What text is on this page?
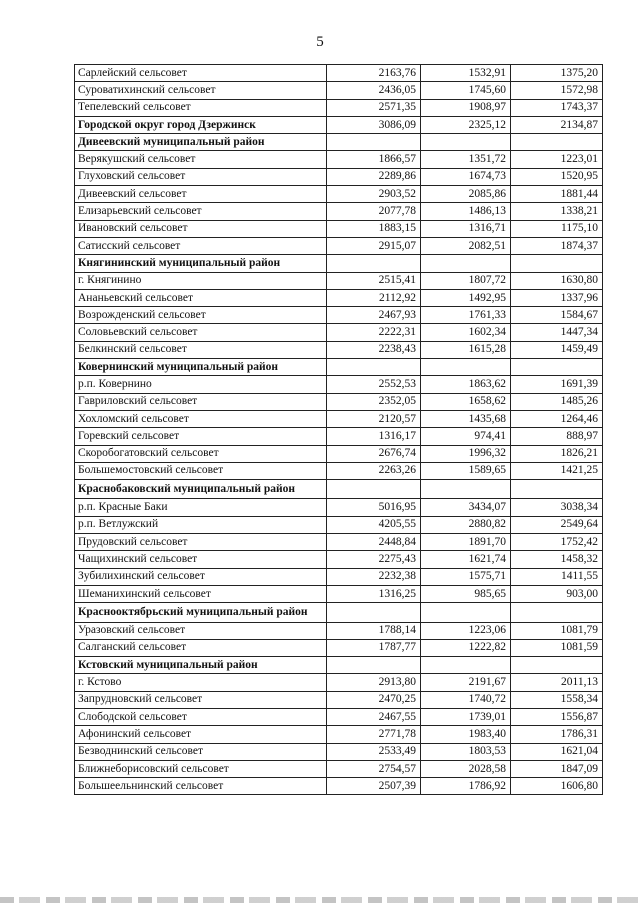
5
Сарлейский сельсовет	2163,76	1532,91	1375,20
Суроватихинский сельсовет	2436,05	1745,60	1572,98
Тепелевский сельсовет	2571,35	1908,97	1743,37
Городской округ город Дзержинск	3086,09	2325,12	2134,87
Дивеевский муниципальный район			
Верякушский сельсовет	1866,57	1351,72	1223,01
Глуховский сельсовет	2289,86	1674,73	1520,95
Дивеевский сельсовет	2903,52	2085,86	1881,44
Елизарьевский сельсовет	2077,78	1486,13	1338,21
Ивановский сельсовет	1883,15	1316,71	1175,10
Сатисский сельсовет	2915,07	2082,51	1874,37
Княгининский муниципальный район			
г. Княгинино	2515,41	1807,72	1630,80
Ананьевский сельсовет	2112,92	1492,95	1337,96
Возрожденский сельсовет	2467,93	1761,33	1584,67
Соловьевский сельсовет	2222,31	1602,34	1447,34
Белкинский сельсовет	2238,43	1615,28	1459,49
Ковернинский муниципальный район			
р.п. Ковернино	2552,53	1863,62	1691,39
Гавриловский сельсовет	2352,05	1658,62	1485,26
Хохломский сельсовет	2120,57	1435,68	1264,46
Горевский сельсовет	1316,17	974,41	888,97
Скоробогатовский сельсовет	2676,74	1996,32	1826,21
Большемостовский сельсовет	2263,26	1589,65	1421,25
Краснобаковский муниципальный район			
р.п. Красные Баки	5016,95	3434,07	3038,34
р.п. Ветлужский	4205,55	2880,82	2549,64
Прудовский сельсовет	2448,84	1891,70	1752,42
Чащихинский сельсовет	2275,43	1621,74	1458,32
Зубилихинский сельсовет	2232,38	1575,71	1411,55
Шеманихинский сельсовет	1316,25	985,65	903,00
Краснооктябрьский муниципальный район			
Уразовский сельсовет	1788,14	1223,06	1081,79
Салганский сельсовет	1787,77	1222,82	1081,59
Кстовский муниципальный район			
г. Кстово	2913,80	2191,67	2011,13
Запрудновский сельсовет	2470,25	1740,72	1558,34
Слободской сельсовет	2467,55	1739,01	1556,87
Афонинский сельсовет	2771,78	1983,40	1786,31
Безводнинский сельсовет	2533,49	1803,53	1621,04
Ближнеборисовский сельсовет	2754,57	2028,58	1847,09
Большеельнинский сельсовет	2507,39	1786,92	1606,80
